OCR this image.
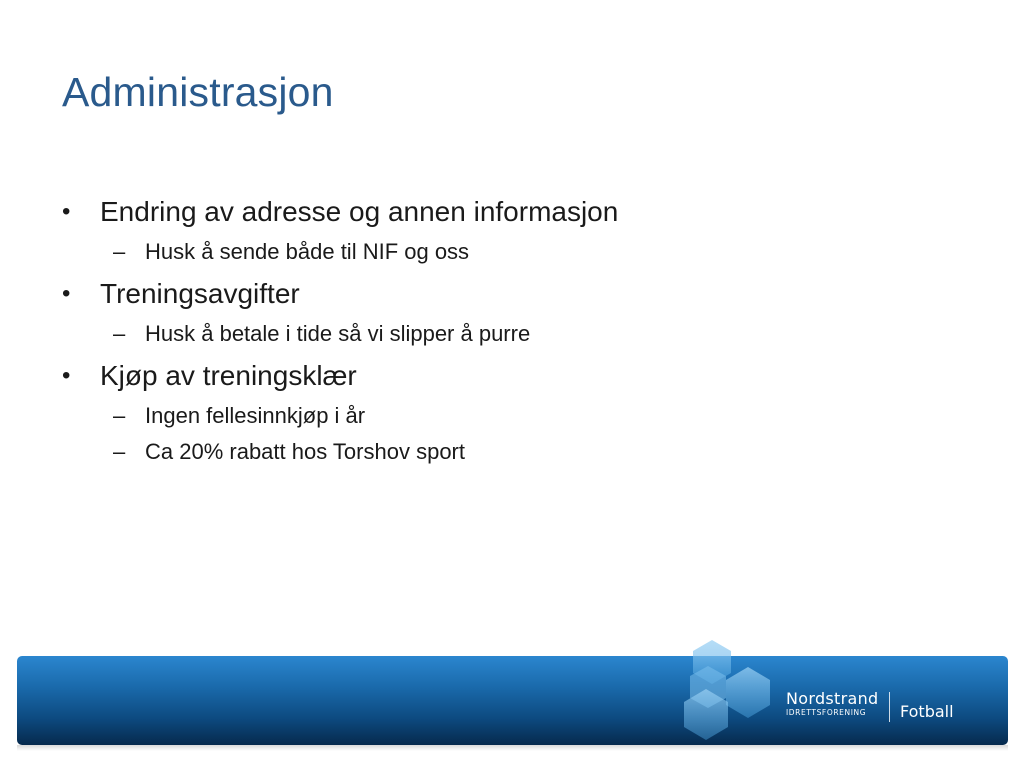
Administrasjon
•	Endring av adresse og annen informasjon
– Husk å sende både til NIF og oss
•	Treningsavgifter
– Husk å betale i tide så vi slipper å purre
•	Kjøp av treningsklær
– Ingen fellesinnkjøp i år
– Ca 20% rabatt hos Torshov sport
Nordstrand
IDRETTSFORENING	Fotball
